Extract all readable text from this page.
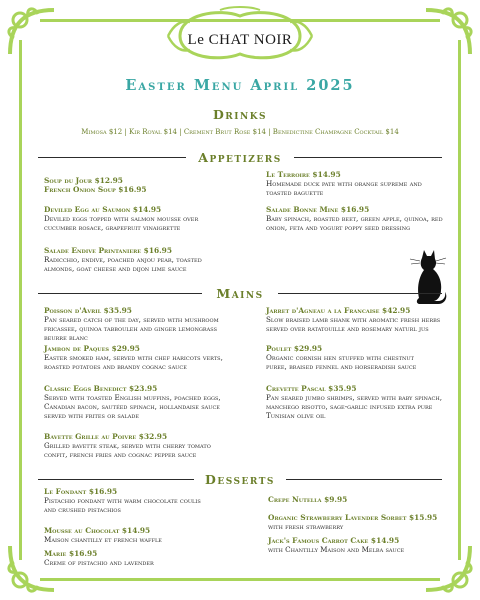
Le CHAT NOIR
Easter Menu April 2025
Drinks
Mimosa $12 | Kir Royal $14 | Crement Brut Rose $14 | Benedictine Champagne Cocktail $14
Appetizers
Soup du Jour $12.95
French Onion Soup $16.95
Deviled Egg au Saumon $14.95
Deviled eggs topped with salmon mousse over cucumber rosace, grapefruit vinaigrette
Salade Endive Printaniere $16.95
Radicchio, endive, poached anjou pear, toasted almonds, goat cheese and dijon lime sauce
Le Terroire $14.95
Homemade duck pate with orange supreme and toasted baguette
Salade Bonne Mine $16.95
Baby spinach, roasted beet, green apple, quinoa, red onion, feta and yogurt poppy seed dressing
Mains
Poisson d'Avril $35.95
Pan seared catch of the day, served with mushroom fricassee, quinoa tabbouleh and ginger lemongrass beurre blanc
Jambon de Paques $29.95
Easter smoked ham, served with chef haricots verts, roasted potatoes and brandy cognac sauce
Classic Eggs Benedict $23.95
Served with toasted English muffins, poached eggs, Canadian bacon, sautéed spinach, hollandaise sauce served with frites or salade
Bavette Grille au Poivre $32.95
Grilled bavette steak, served with cherry tomato confit, french fries and cognac pepper sauce
Jarret d'Agneau a la Francaise $42.95
Slow braised lamb shank with aromatic fresh herbs served over ratatouille and rosemary naturl jus
Poulet $29.95
Organic cornish hen stuffed with chestnut puree, braised fennel and horseradish sauce
Crevette Pascal $35.95
Pan seared jumbo shrimps, served with baby spinach, manchego risotto, sage-garlic infused extra pure Tunisian olive oil
Desserts
Le Fondant $16.95
Pistachio fondant with warm chocolate coulis and crushed pistachios
Mousse au Chocolat $14.95
Maison chantilly et french waffle
Marie $16.95
Creme of pistachio and lavender
Crepe Nutella $9.95
Organic Strawberry Lavender Sorbet $15.95
with fresh strawberry
Jack's Famous Carrot Cake $14.95
with Chantilly Maison and Melba sauce
